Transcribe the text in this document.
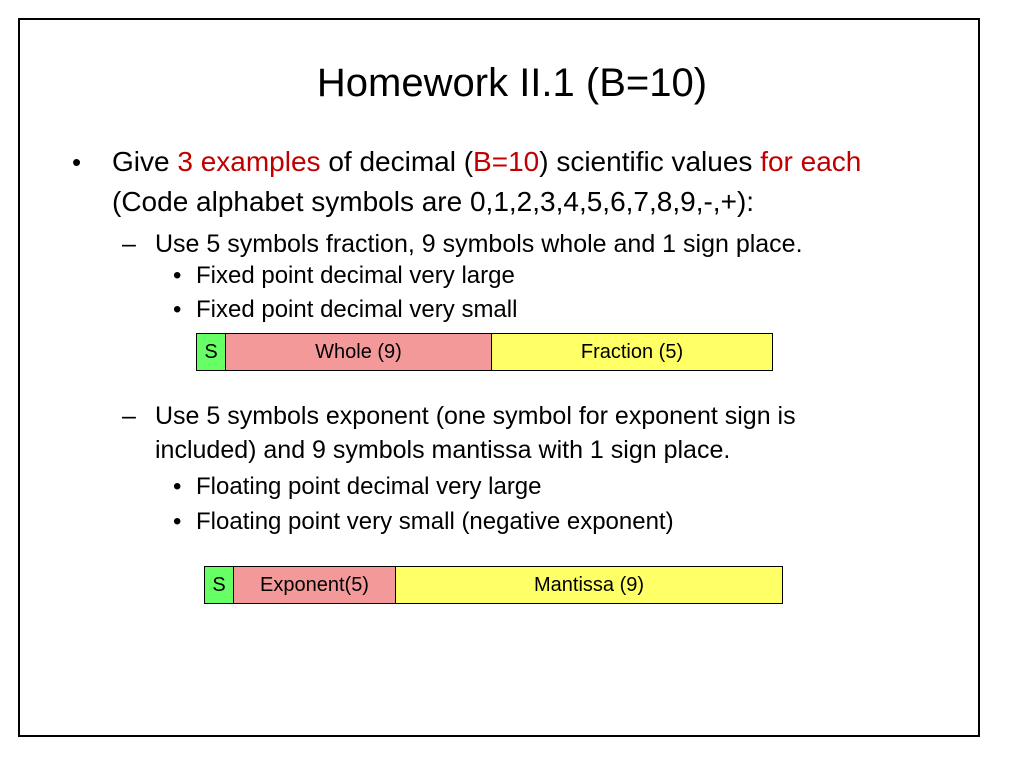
Homework II.1 (B=10)
• Give 3 examples of decimal (B=10) scientific values for each
(Code alphabet symbols are 0,1,2,3,4,5,6,7,8,9,-,+):
– Use 5 symbols fraction, 9 symbols whole and 1 sign place.
• Fixed point decimal very large
• Fixed point decimal very small
S	Whole (9)	Fraction (5)
– Use 5 symbols exponent (one symbol for exponent sign is
included) and 9 symbols mantissa with 1 sign place.
• Floating point decimal very large
• Floating point very small (negative exponent)
S	Exponent(5)	Mantissa (9)
